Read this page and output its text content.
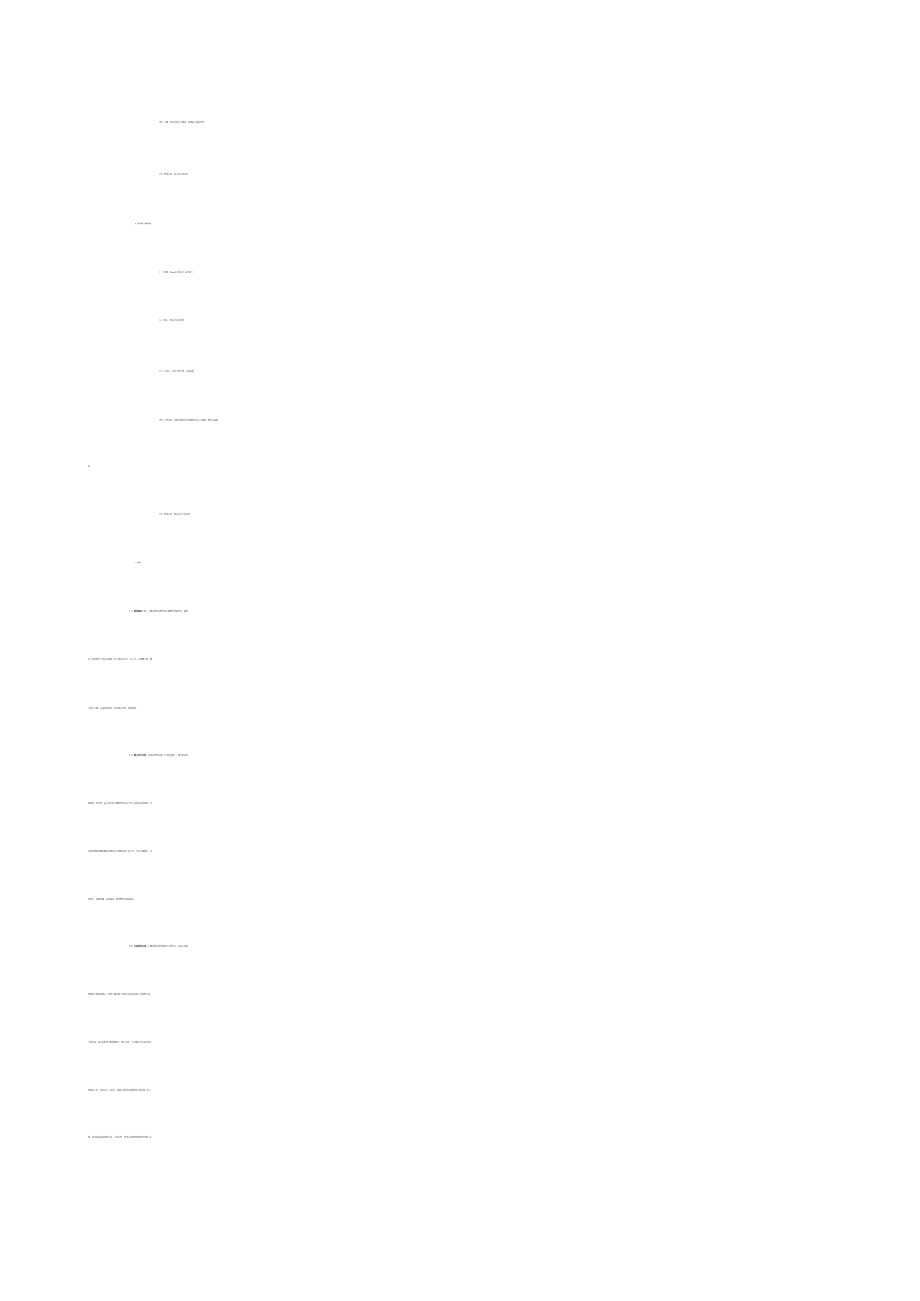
（四）主题：弘扬党的伟大精神，发挥战斗堡垒作用
（五）听课人员：各支部全体党员
四、党员专家学者、先进典型讲党课
（一）时间：20xx年X月X日—X月X日
（二）地点：相关单位会议室
（三）主讲人：党员专家学者、先进典型
（四）主要内容：习近平新时代中国特色社会主义思想、榜样先进事
迹
（五）听课人员：相关单位全体党员
五、有关要求
（一）紧密联系实际。专题党课要按照开展主题教育部署要求，紧密
结合党员领导干部本人思想工作实际和本单位、本专业、本领域实际，精
心设计主题，注重讲课效果，切忌照本宣科、泛泛而谈。
（二）精心设计内容。党课内容要在深入学习的基础上，突出政治性、
思想性、针对性，重点讲开展主题教育以来在学习上的新体会新收获，尤
其讲好思想问题的解决过程和本人思想认识上的升华，力求主题突出、内
容翔实、直面问题、认识深刻，富有教育和启迪意义。
（三）认真组织安排。专题党课以现场授课为主要形式，参加人员范
围根据实际情况确定，要把专题党课与组织生活会和其他工作统筹安排，
实事求是。X党委各部门要积极配合、精心安排，全力做好党委书记讲党
课组织工作。各党总支（党委）、直属支部要认真研究制定讲党课工作方
案，讲党课的具体时间安排、主要内容、听课人员范围等情况要及时与X
